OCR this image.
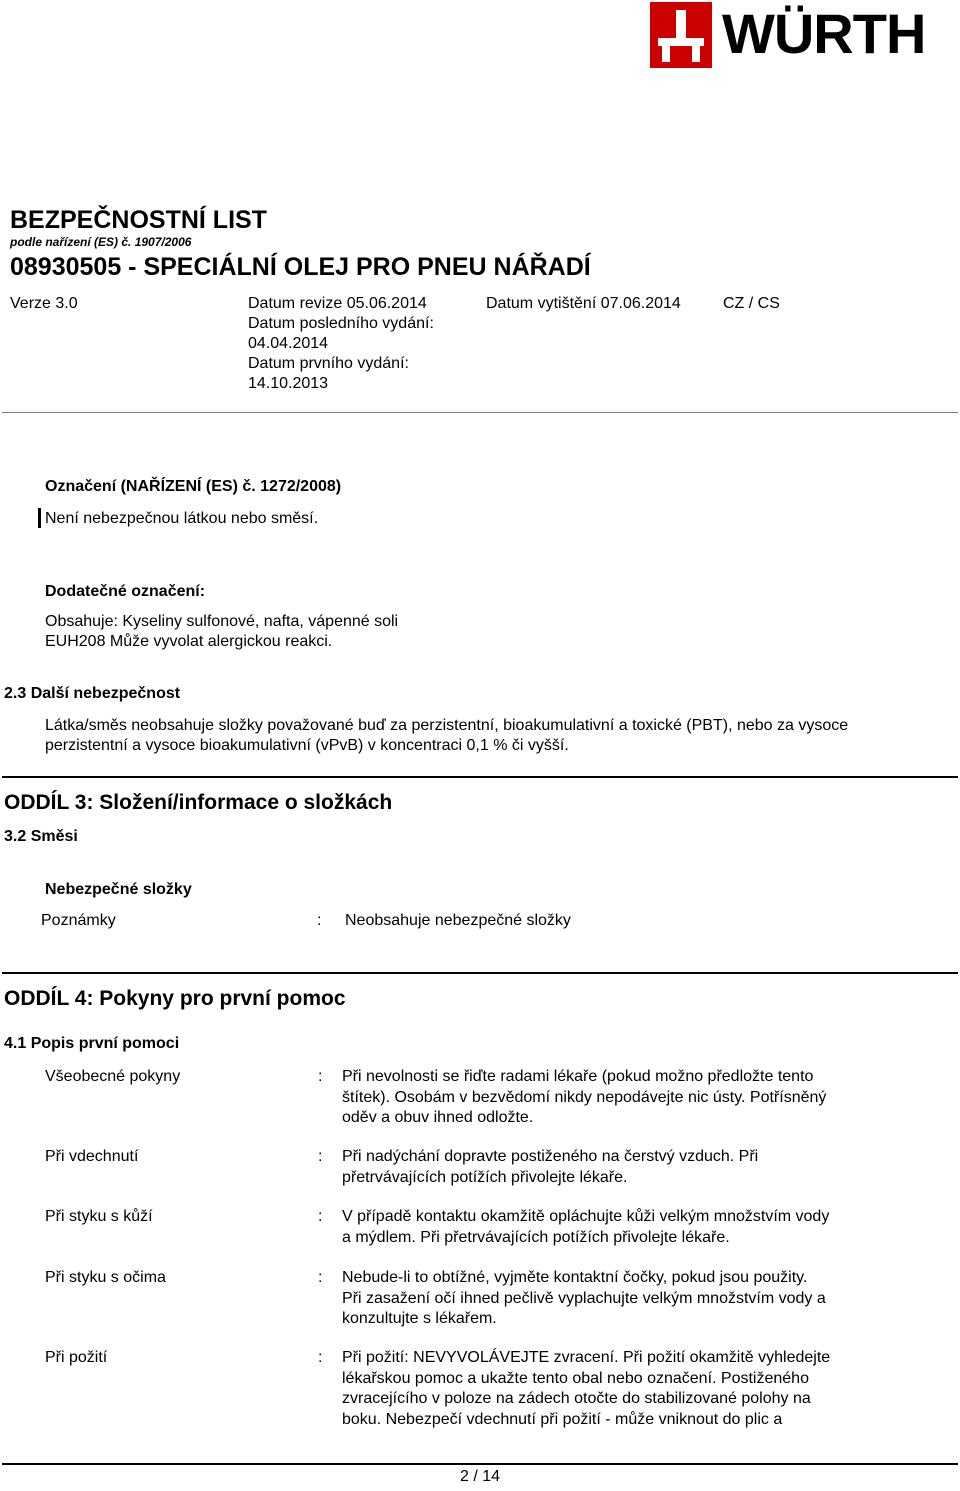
WÜRTH
BEZPEČNOSTNÍ LIST
podle nařízení (ES) č. 1907/2006
08930505 - SPECIÁLNÍ OLEJ PRO PNEU NÁŘADÍ
Verze 3.0	Datum revize 05.06.2014
Datum posledního vydání:
04.04.2014
Datum prvního vydání:
14.10.2013
Datum vytištění 07.06.2014	CZ / CS
Označení (NAŘÍZENÍ (ES) č. 1272/2008)
Není nebezpečnou látkou nebo směsí.
Dodatečné označení:
Obsahuje: Kyseliny sulfonové, nafta, vápenné soli
EUH208 Může vyvolat alergickou reakci.
2.3 Další nebezpečnost
Látka/směs neobsahuje složky považované buď za perzistentní, bioakumulativní a toxické (PBT), nebo za vysoce
perzistentní a vysoce bioakumulativní (vPvB) v koncentraci 0,1 % či vyšší.
ODDÍL 3: Složení/informace o složkách
3.2 Směsi
Nebezpečné složky
Poznámky	: Neobsahuje nebezpečné složky
ODDÍL 4: Pokyny pro první pomoc
4.1 Popis první pomoci
Všeobecné pokyny	: Při nevolnosti se řiďte radami lékaře (pokud možno předložte tento
štítek). Osobám v bezvědomí nikdy nepodávejte nic ústy. Potřísněný
oděv a obuv ihned odložte.
Při vdechnutí	: Při nadýchání dopravte postiženého na čerstvý vzduch. Při
přetrvávajících potížích přivolejte lékaře.
Při styku s kůží	: V případě kontaktu okamžitě opláchujte kůži velkým množstvím vody
a mýdlem. Při přetrvávajících potížích přivolejte lékaře.
Při styku s očima	: Nebude-li to obtížné, vyjměte kontaktní čočky, pokud jsou použity.
Při zasažení očí ihned pečlivě vyplachujte velkým množstvím vody a
konzultujte s lékařem.
Při požití	: Při požití: NEVYVOLÁVEJTE zvracení. Při požití okamžitě vyhledejte
lékařskou pomoc a ukažte tento obal nebo označení. Postiženého
zvracejícího v poloze na zádech otočte do stabilizované polohy na
boku. Nebezpečí vdechnutí při požití - může vniknout do plic a
2 / 14
